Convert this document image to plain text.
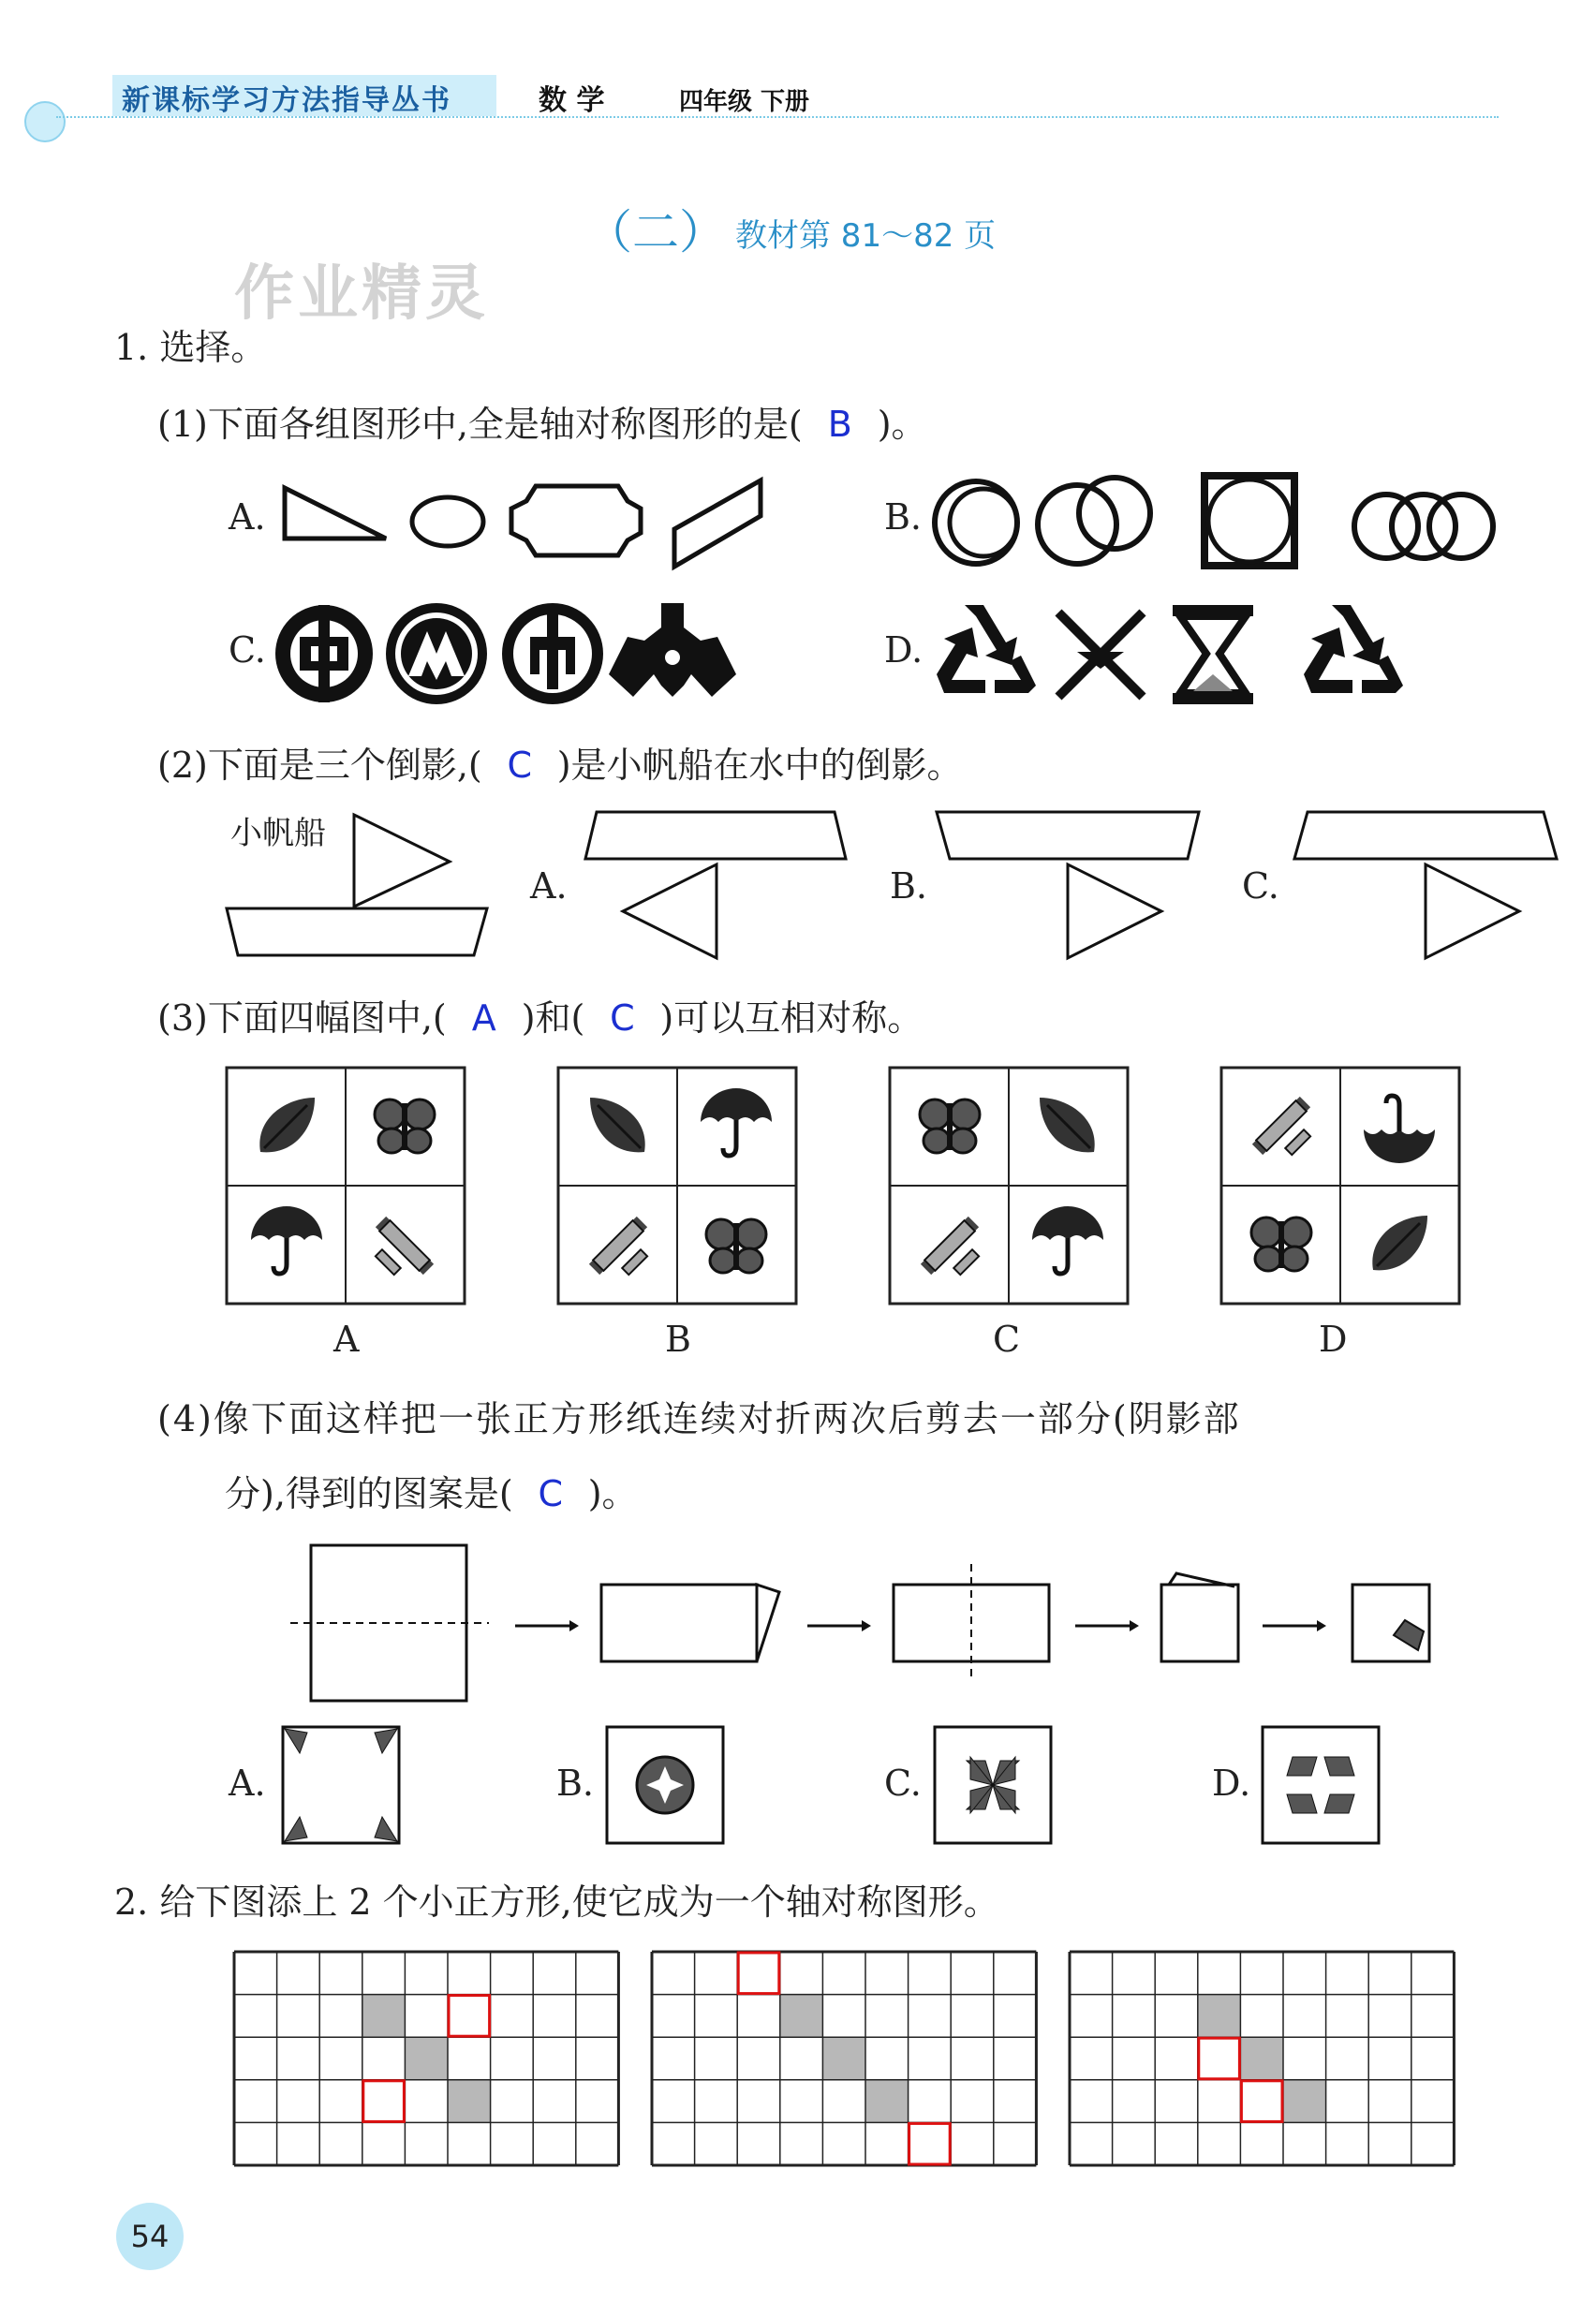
新课标学习方法指导丛书	数 学	四年级 下册
（二） 教材第 81～82 页
作业精灵
1. 选择。
(1)下面各组图形中,全是轴对称图形的是( B )。
A.	B.
C.	D.
(2)下面是三个倒影,( C )是小帆船在水中的倒影。
小帆船
A.	B.	C.
(3)下面四幅图中,( A )和( C )可以互相对称。
A	B	C	D
(4)像下面这样把一张正方形纸连续对折两次后剪去一部分(阴影部
分),得到的图案是( C )。
A.	B.	C.	D.
2. 给下图添上 2 个小正方形,使它成为一个轴对称图形。
54
